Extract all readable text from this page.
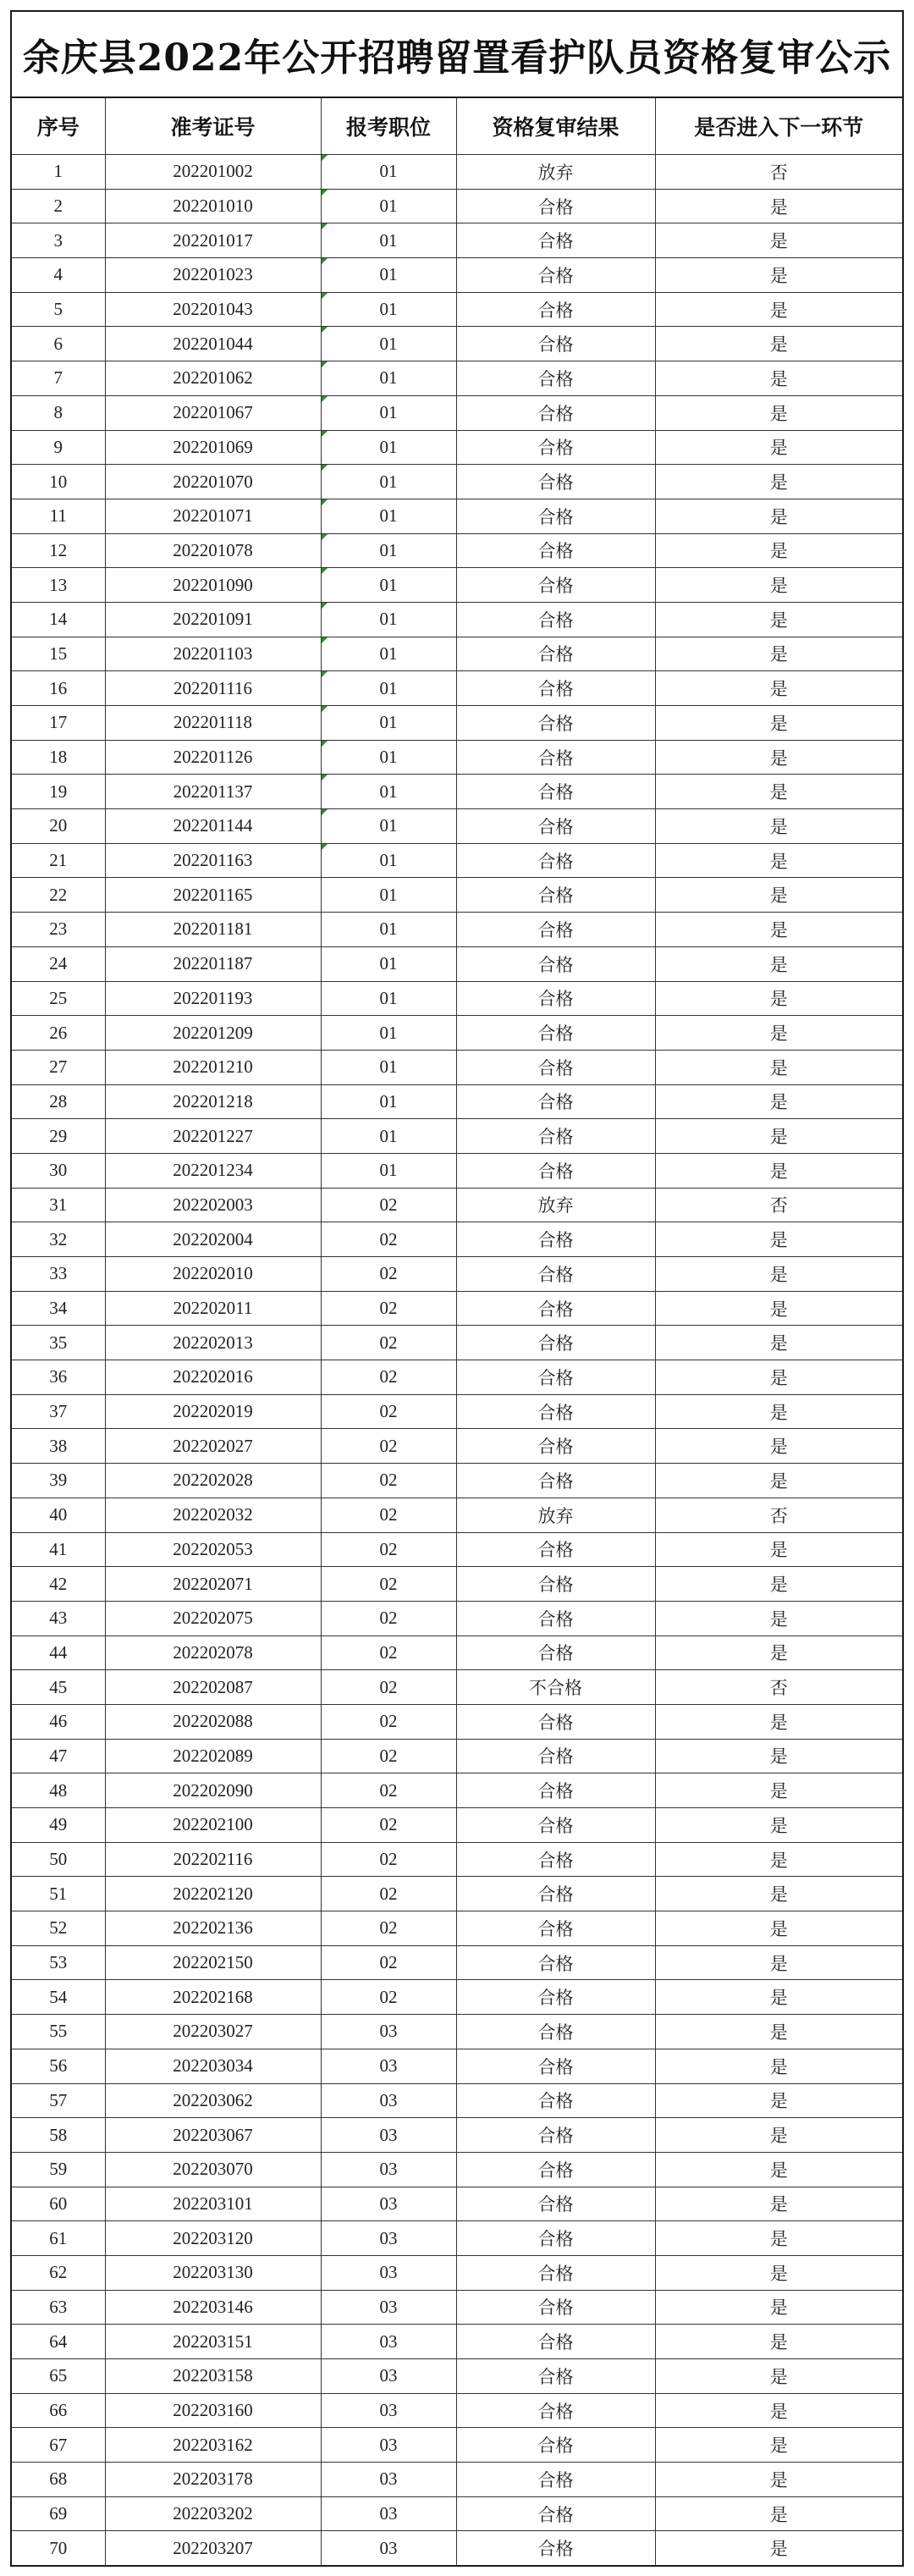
余庆县2022年公开招聘留置看护队员资格复审公示
序号	准考证号	报考职位	资格复审结果	是否进入下一环节
1	202201002	01	放弃	否
2	202201010	01	合格	是
3	202201017	01	合格	是
4	202201023	01	合格	是
5	202201043	01	合格	是
6	202201044	01	合格	是
7	202201062	01	合格	是
8	202201067	01	合格	是
9	202201069	01	合格	是
10	202201070	01	合格	是
11	202201071	01	合格	是
12	202201078	01	合格	是
13	202201090	01	合格	是
14	202201091	01	合格	是
15	202201103	01	合格	是
16	202201116	01	合格	是
17	202201118	01	合格	是
18	202201126	01	合格	是
19	202201137	01	合格	是
20	202201144	01	合格	是
21	202201163	01	合格	是
22	202201165	01	合格	是
23	202201181	01	合格	是
24	202201187	01	合格	是
25	202201193	01	合格	是
26	202201209	01	合格	是
27	202201210	01	合格	是
28	202201218	01	合格	是
29	202201227	01	合格	是
30	202201234	01	合格	是
31	202202003	02	放弃	否
32	202202004	02	合格	是
33	202202010	02	合格	是
34	202202011	02	合格	是
35	202202013	02	合格	是
36	202202016	02	合格	是
37	202202019	02	合格	是
38	202202027	02	合格	是
39	202202028	02	合格	是
40	202202032	02	放弃	否
41	202202053	02	合格	是
42	202202071	02	合格	是
43	202202075	02	合格	是
44	202202078	02	合格	是
45	202202087	02	不合格	否
46	202202088	02	合格	是
47	202202089	02	合格	是
48	202202090	02	合格	是
49	202202100	02	合格	是
50	202202116	02	合格	是
51	202202120	02	合格	是
52	202202136	02	合格	是
53	202202150	02	合格	是
54	202202168	02	合格	是
55	202203027	03	合格	是
56	202203034	03	合格	是
57	202203062	03	合格	是
58	202203067	03	合格	是
59	202203070	03	合格	是
60	202203101	03	合格	是
61	202203120	03	合格	是
62	202203130	03	合格	是
63	202203146	03	合格	是
64	202203151	03	合格	是
65	202203158	03	合格	是
66	202203160	03	合格	是
67	202203162	03	合格	是
68	202203178	03	合格	是
69	202203202	03	合格	是
70	202203207	03	合格	是
